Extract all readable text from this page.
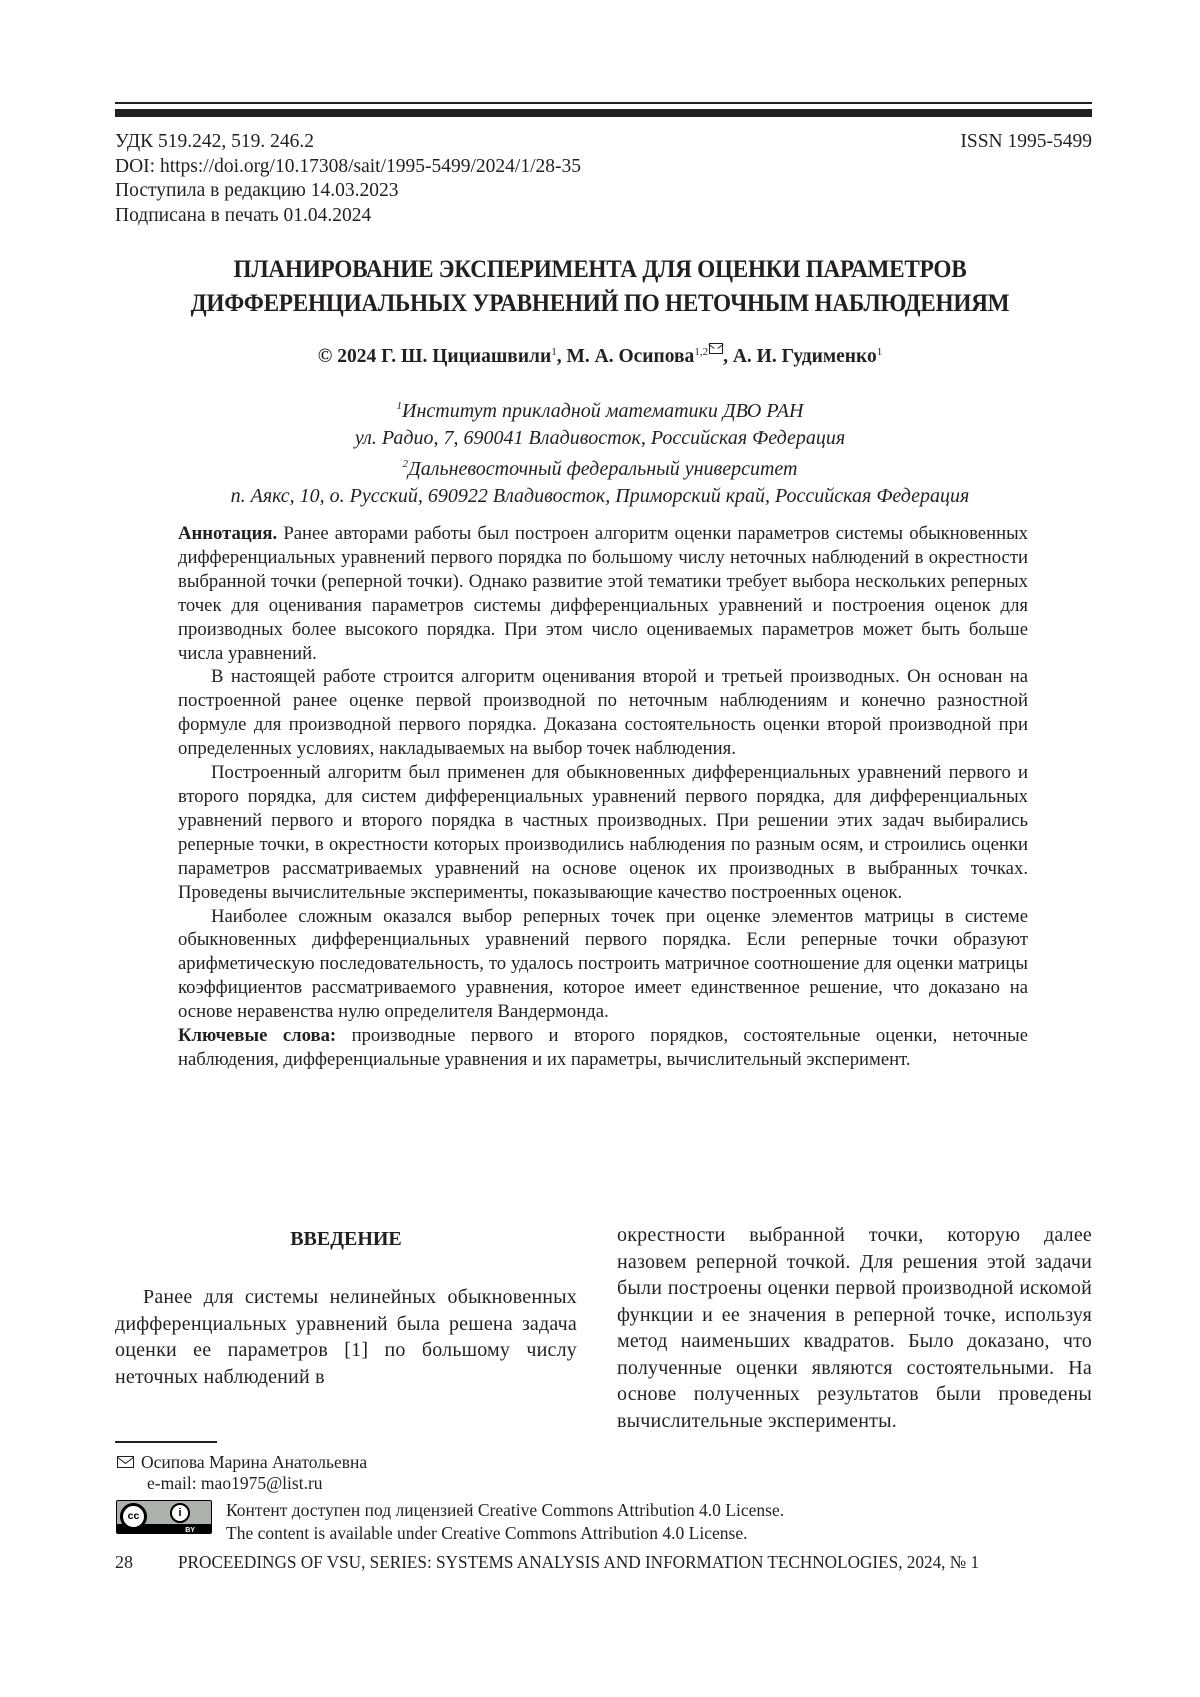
УДК 519.242, 519. 246.2
DOI: https://doi.org/10.17308/sait/1995-5499/2024/1/28-35
Поступила в редакцию 14.03.2023
Подписана в печать 01.04.2024
ISSN 1995-5499
ПЛАНИРОВАНИЕ ЭКСПЕРИМЕНТА ДЛЯ ОЦЕНКИ ПАРАМЕТРОВ
ДИФФЕРЕНЦИАЛЬНЫХ УРАВНЕНИЙ ПО НЕТОЧНЫМ НАБЛЮДЕНИЯМ
© 2024 Г. Ш. Цициашвили$^1$, М. А. Осипова$^{1,2}$ , А. И. Гудименко$^1$
$^1$Институт прикладной математики ДВО РАН
ул. Радио, 7, 690041 Владивосток, Российская Федерация
$^2$Дальневосточный федеральный университет
п. Аякс, 10, о. Русский, 690922 Владивосток, Приморский край, Российская Федерация

Аннотация. Ранее авторами работы был построен алгоритм оценки параметров системы обыкновенных дифференциальных уравнений первого порядка по большому числу неточных наблюдений в окрестности выбранной точки (реперной точки). Однако развитие этой тематики требует выбора нескольких реперных точек для оценивания параметров системы дифференциальных уравнений и построения оценок для производных более высокого порядка. При этом число оцениваемых параметров может быть больше числа уравнений.

В настоящей работе строится алгоритм оценивания второй и третьей производных. Он основан на построенной ранее оценке первой производной по неточным наблюдениям и конечно разностной формуле для производной первого порядка. Доказана состоятельность оценки второй производной при определенных условиях, накладываемых на выбор точек наблюдения.

Построенный алгоритм был применен для обыкновенных дифференциальных уравнений первого и второго порядка, для систем дифференциальных уравнений первого порядка, для дифференциальных уравнений первого и второго порядка в частных производных. При решении этих задач выбирались реперные точки, в окрестности которых производились наблюдения по разным осям, и строились оценки параметров рассматриваемых уравнений на основе оценок их производных в выбранных точках. Проведены вычислительные эксперименты, показывающие качество построенных оценок.

Наиболее сложным оказался выбор реперных точек при оценке элементов матрицы в системе обыкновенных дифференциальных уравнений первого порядка. Если реперные точки образуют арифметическую последовательность, то удалось построить матричное соотношение для оценки матрицы коэффициентов рассматриваемого уравнения, которое имеет единственное решение, что доказано на основе неравенства нулю определителя Вандермонда.

Ключевые слова: производные первого и второго порядков, состоятельные оценки, неточные наблюдения, дифференциальные уравнения и их параметры, вычислительный эксперимент.

ВВЕДЕНИЕ

Ранее для системы нелинейных обыкновенных дифференциальных уравнений была решена задача оценки ее параметров [1] по большому числу неточных наблюдений в

окрестности выбранной точки, которую далее назовем реперной точкой. Для решения этой задачи были построены оценки первой производной искомой функции и ее значения в реперной точке, используя метод наименьших квадратов. Было доказано, что полученные оценки являются состоятельными. На основе полученных результатов были проведены вычислительные эксперименты.

Осипова Марина Анатольевна
e-mail: mao1975@list.ru
cc	i
BY
Контент доступен под лицензией Creative Commons Attribution 4.0 License.
The content is available under Creative Commons Attribution 4.0 License.
28	PROCEEDINGS OF VSU, SERIES: SYSTEMS ANALYSIS AND INFORMATION TECHNOLOGIES, 2024, № 1
